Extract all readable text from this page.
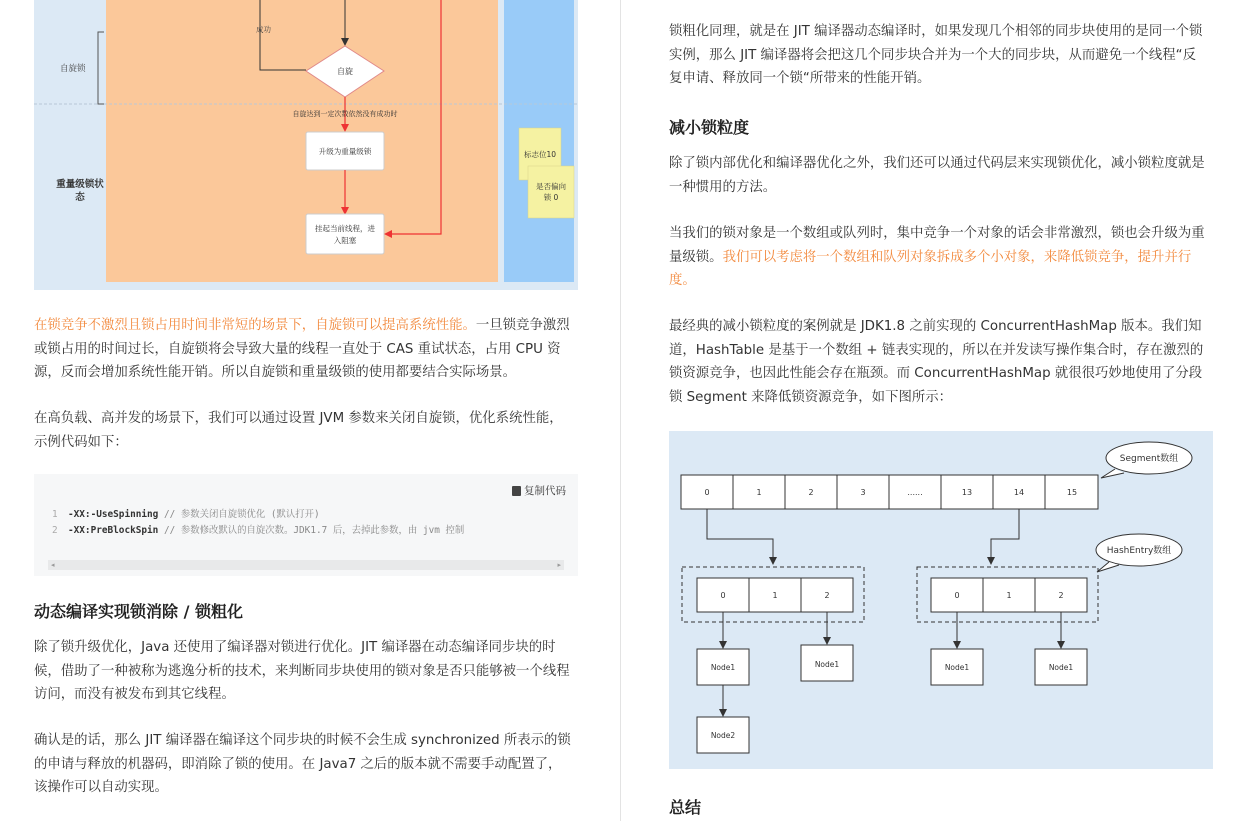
自旋锁
重量级锁状
态
成功
自旋
自旋达到一定次数依然没有成功时
升级为重量级锁
挂起当前线程，进
入阻塞
标志位10
是否偏向
锁 0
在锁竞争不激烈且锁占用时间非常短的场景下，自旋锁可以提高系统性能。一旦锁竞争激烈
或锁占用的时间过长，自旋锁将会导致大量的线程一直处于 CAS 重试状态，占用 CPU 资
源，反而会增加系统性能开销。所以自旋锁和重量级锁的使用都要结合实际场景。
在高负载、高并发的场景下，我们可以通过设置 JVM 参数来关闭自旋锁，优化系统性能，
示例代码如下：
复制代码
1 -XX:-UseSpinning // 参数关闭自旋锁优化 (默认打开)
2 -XX:PreBlockSpin // 参数修改默认的自旋次数。JDK1.7 后，去掉此参数，由 jvm 控制
◂	▸
动态编译实现锁消除 / 锁粗化
除了锁升级优化，Java 还使用了编译器对锁进行优化。JIT 编译器在动态编译同步块的时
候，借助了一种被称为逃逸分析的技术，来判断同步块使用的锁对象是否只能够被一个线程
访问，而没有被发布到其它线程。
确认是的话，那么 JIT 编译器在编译这个同步块的时候不会生成 synchronized 所表示的锁
的申请与释放的机器码，即消除了锁的使用。在 Java7 之后的版本就不需要手动配置了，
该操作可以自动实现。
锁粗化同理，就是在 JIT 编译器动态编译时，如果发现几个相邻的同步块使用的是同一个锁
实例，那么 JIT 编译器将会把这几个同步块合并为一个大的同步块，从而避免一个线程“反
复申请、释放同一个锁“所带来的性能开销。
减小锁粒度
除了锁内部优化和编译器优化之外，我们还可以通过代码层来实现锁优化，减小锁粒度就是
一种惯用的方法。
当我们的锁对象是一个数组或队列时，集中竞争一个对象的话会非常激烈，锁也会升级为重
量级锁。我们可以考虑将一个数组和队列对象拆成多个小对象，来降低锁竞争，提升并行
度。
最经典的减小锁粒度的案例就是 JDK1.8 之前实现的 ConcurrentHashMap 版本。我们知
道，HashTable 是基于一个数组 + 链表实现的，所以在并发读写操作集合时，存在激烈的
锁资源竞争，也因此性能会存在瓶颈。而 ConcurrentHashMap 就很很巧妙地使用了分段
锁 Segment 来降低锁资源竞争，如下图所示：
Segment数组
0	1	2	3	......	13	14	15
HashEntry数组
0	1	2	0	1	2
Node1	Node1	Node1	Node1
Node2
总结
